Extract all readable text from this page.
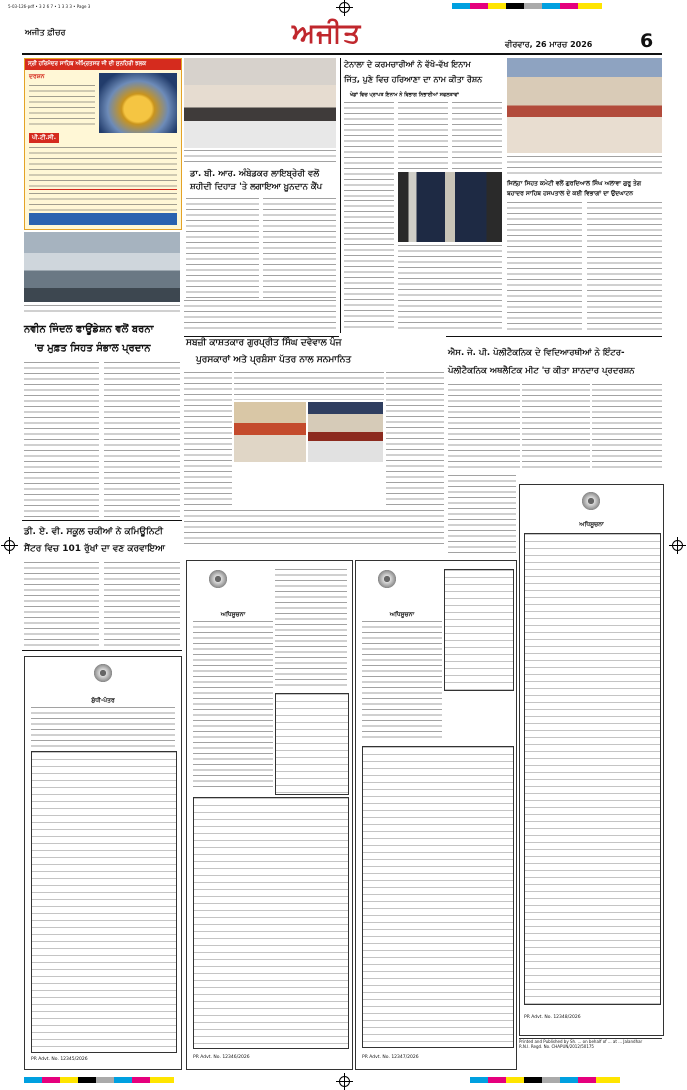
5-03-126-pdf • 3 2 6 7 • 1 3 3 3 • Page 3
ਅਜੀਤ ਫ਼ੀਚਰ	ਅਜੀਤ	ਵੀਰਵਾਰ, 26 ਮਾਰਚ 2026	6
ਸ੍ਰੀ ਹਰਿਮੰਦਰ ਸਾਹਿਬ ਅੰਮ੍ਰਿਤਸਰ ਜੀ ਦੀ ਸੁਨਹਿਰੀ ਝਲਕ
ਦਰਸ਼ਨ
ਪੀ.ਟੀ.ਸੀ.
ਡਾ. ਬੀ. ਆਰ. ਅੰਬੇਡਕਰ ਲਾਇਬ੍ਰੇਰੀ ਵਲੋਂ ਸ਼ਹੀਦੀ ਦਿਹਾੜ 'ਤੇ ਲਗਾਇਆ ਖ਼ੂਨਦਾਨ ਕੈਂਪ
ਟੇਨਾਲਾ ਦੇ ਕਰਮਚਾਰੀਆਂ ਨੇ ਵੱਖੋ-ਵੱਖ ਇਨਾਮ
ਜਿੱਤ, ਪੁਣੇ ਵਿਚ ਹਰਿਆਣਾ ਦਾ ਨਾਮ ਕੀਤਾ ਰੌਸ਼ਨ
ਖੇਡਾਂ ਵਿਚ ਪ੍ਰਾਪਤ ਇਨਾਮ ਨੇ ਵਿਭਾਗ ਨਿਭਾਈਆਂ ਸਫਲਤਾਵਾਂ
ਜਿਲ੍ਹਾ ਸਿਹਤ ਕਮੇਟੀ ਵਲੋਂ ਗੁਰਦਿਆਲ ਸਿੰਘ ਅਲਾਵਾ ਗੁਰੂ ਤੇਗ
ਬਹਾਦਰ ਸਾਹਿਬ ਹਸਪਤਾਲ ਦੇ ਕਈ ਵਿਭਾਗਾਂ ਦਾ ਉਦਘਾਟਨ
ਨਵੀਨ ਜਿੰਦਲ ਫਾਊਂਡੇਸ਼ਨ ਵਲੋਂ ਬਰਨਾ
'ਚ ਮੁਫ਼ਤ ਸਿਹਤ ਸੰਭਾਲ ਪ੍ਰਦਾਨ
ਡੀ. ਏ. ਵੀ. ਸਕੂਲ ਚਕੀਆਂ ਨੇ ਕਮਿਊਨਿਟੀ
ਸੈਂਟਰ ਵਿਚ 101 ਰੁੱਖਾਂ ਦਾ ਵਣ ਕਰਵਾਇਆ
ਸਬਜ਼ੀ ਕਾਸ਼ਤਕਾਰ ਗੁਰਪ੍ਰੀਤ ਸਿੰਘ ਦਵੇਵਾਲ ਪੰਜ
ਪੁਰਸਕਾਰਾਂ ਅਤੇ ਪ੍ਰਸ਼ੰਸਾ ਪੱਤਰ ਨਾਲ ਸਨਮਾਨਿਤ
ਐਸ. ਜੇ. ਪੀ. ਪੋਲੀਟੈਕਨਿਕ ਦੇ ਵਿਦਿਆਰਥੀਆਂ ਨੇ ਇੰਟਰ-
ਪੋਲੀਟੈਕਨਿਕ ਅਥਲੈਟਿਕ ਮੀਟ 'ਚ ਕੀਤਾ ਸ਼ਾਨਦਾਰ ਪ੍ਰਦਰਸ਼ਨ
ਸ਼ੁੱਧੀ-ਪੱਤਰ
PR Advt. No. 12345/2026
ਅਧਿਸੂਚਨਾ
PR Advt. No. 12346/2026
ਅਧਿਸੂਚਨਾ
PR Advt. No. 12347/2026
ਅਧਿਸੂਚਨਾ
PR Advt. No. 12348/2026
Printed and Published by Sh. ... on behalf of ... at ... Jalandhar
R.N.I. Regd. No. CHAPUN/2012/50175
